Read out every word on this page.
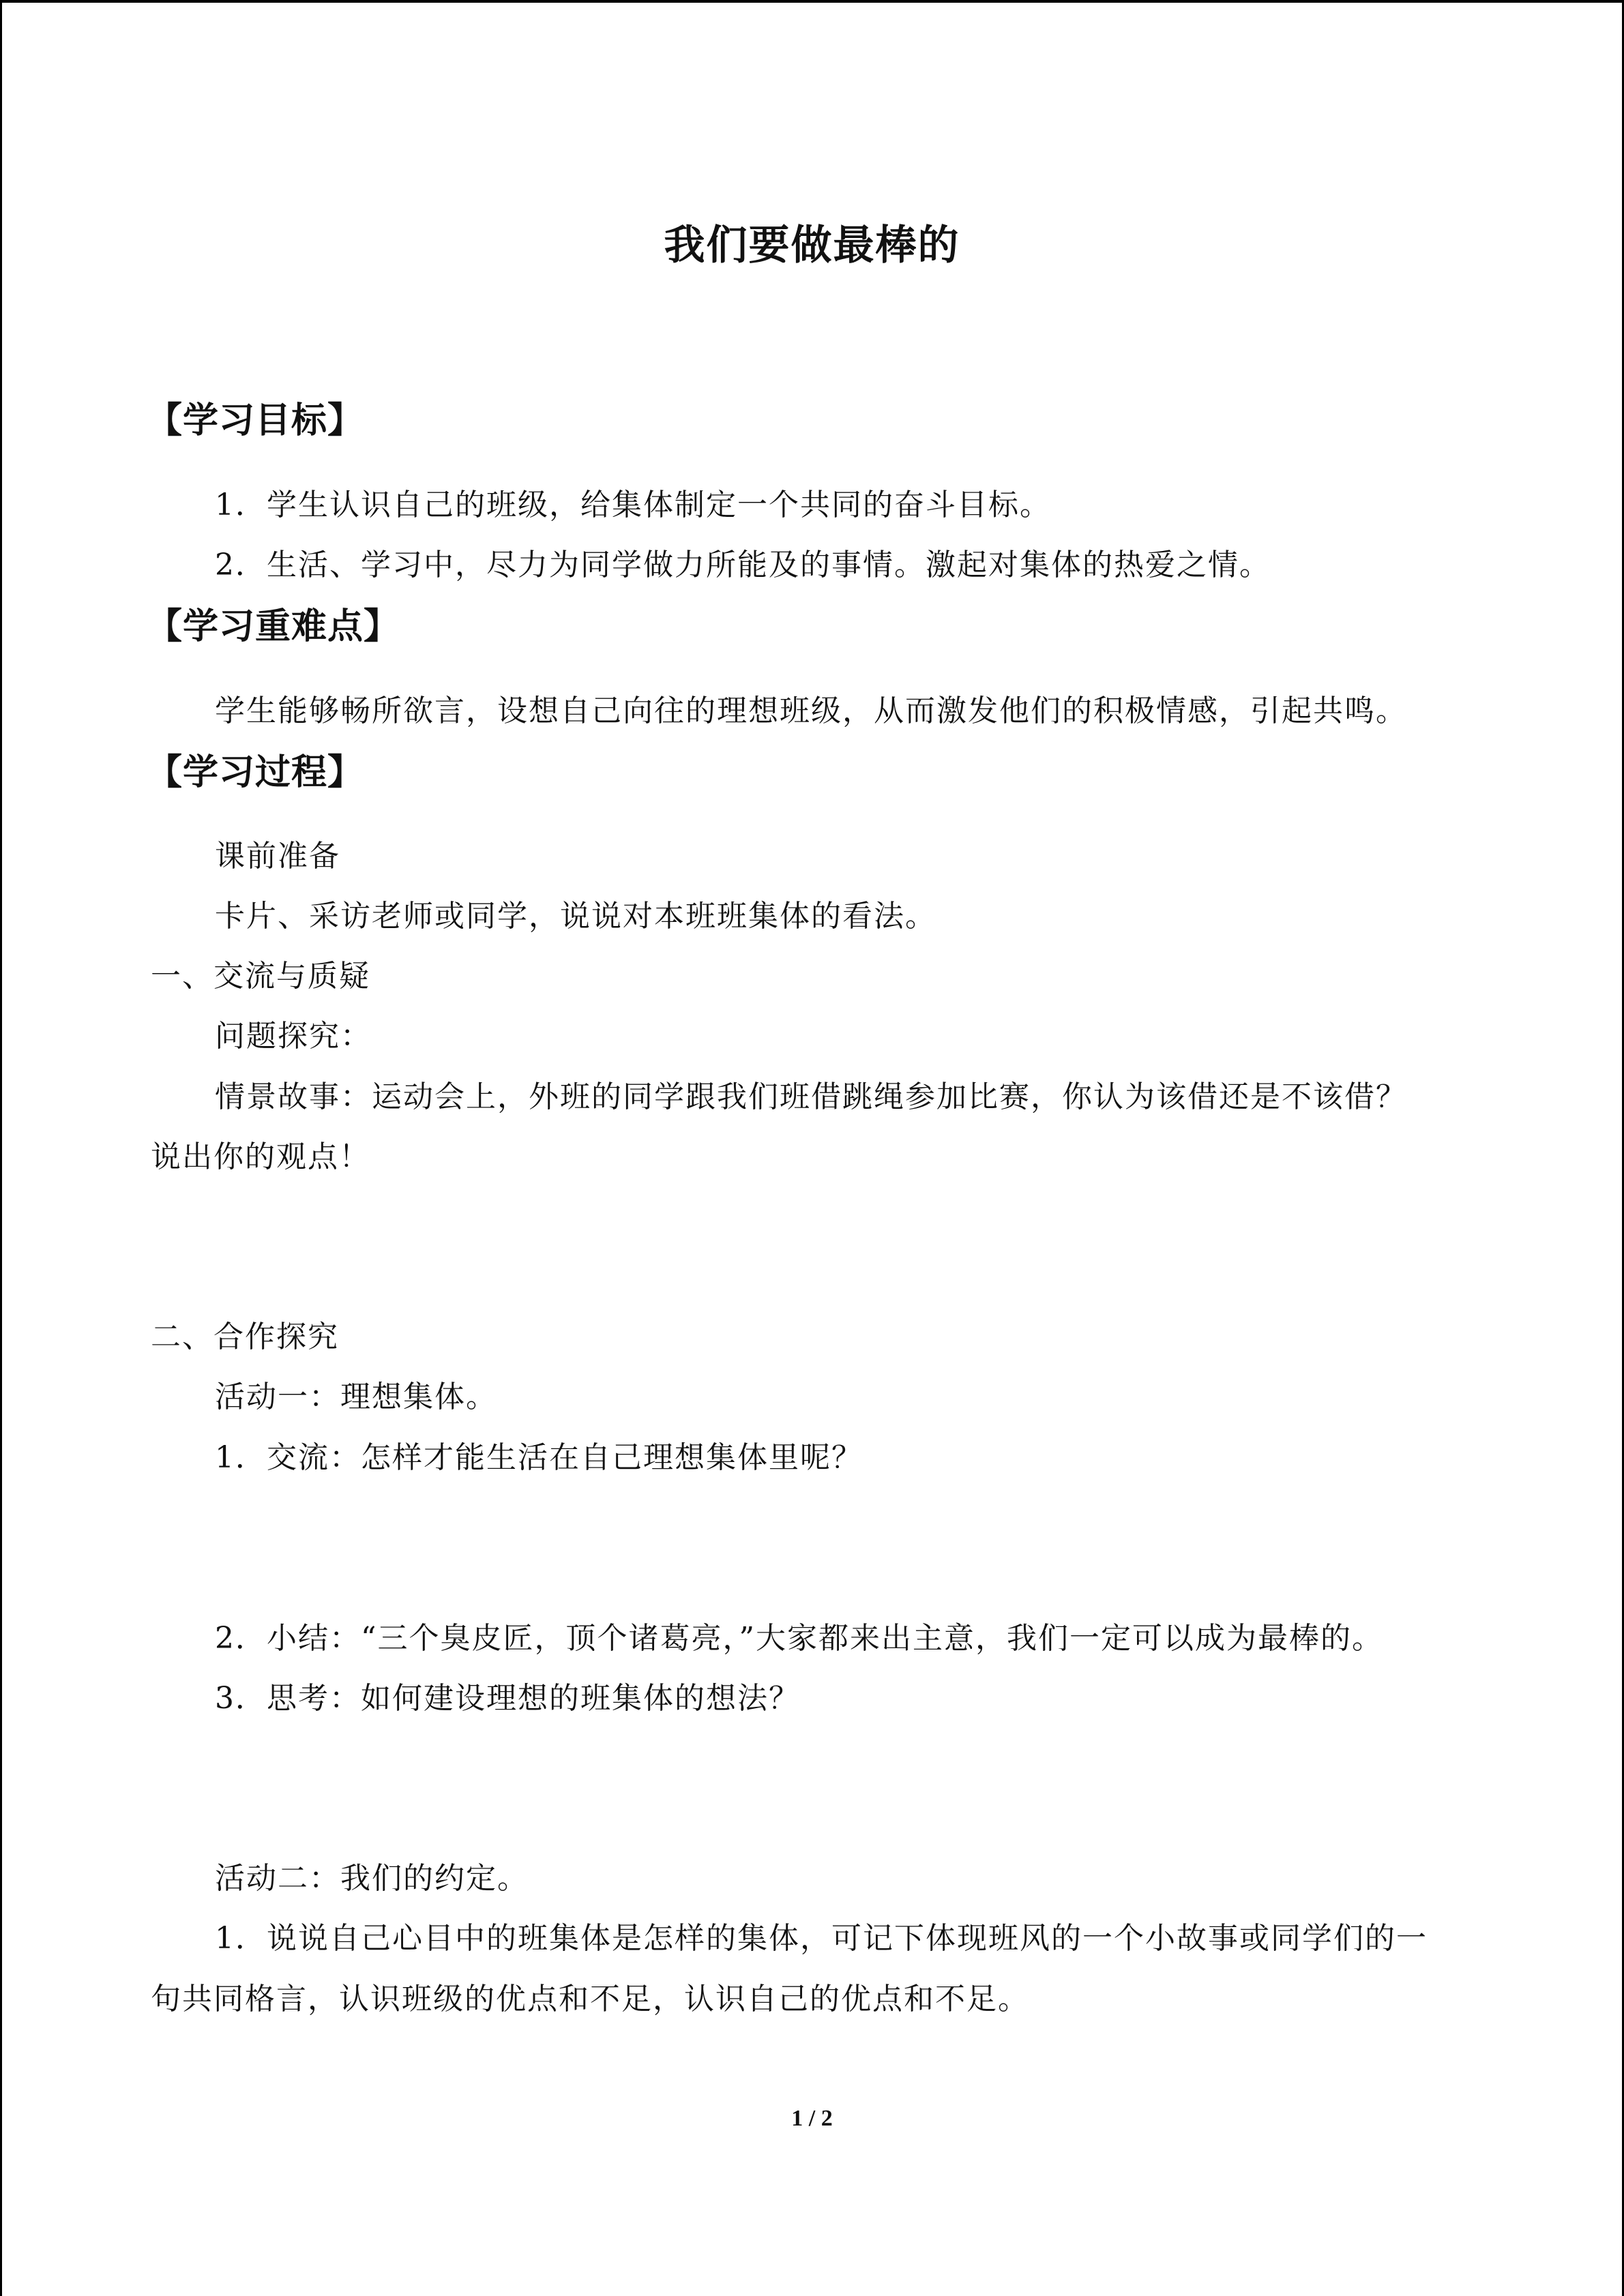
我们要做最棒的
【学习目标】
1．学生认识自己的班级，给集体制定一个共同的奋斗目标。
2．生活、学习中，尽力为同学做力所能及的事情。激起对集体的热爱之情。
【学习重难点】
学生能够畅所欲言，设想自己向往的理想班级，从而激发他们的积极情感，引起共鸣。
【学习过程】
课前准备
卡片、采访老师或同学，说说对本班班集体的看法。
一、交流与质疑
问题探究：
情景故事：运动会上，外班的同学跟我们班借跳绳参加比赛，你认为该借还是不该借？
说出你的观点！
二、合作探究
活动一：理想集体。
1．交流：怎样才能生活在自己理想集体里呢？
2．小结：“三个臭皮匠，顶个诸葛亮，”大家都来出主意，我们一定可以成为最棒的。
3．思考：如何建设理想的班集体的想法？
活动二：我们的约定。
1．说说自己心目中的班集体是怎样的集体，可记下体现班风的一个小故事或同学们的一
句共同格言，认识班级的优点和不足，认识自己的优点和不足。
1 / 2
